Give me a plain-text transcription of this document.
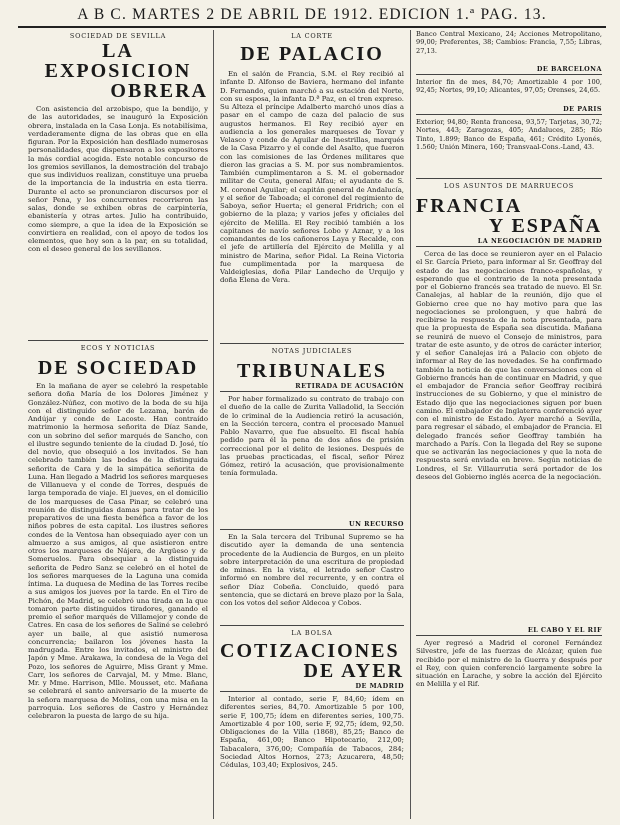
A B C. MARTES 2 DE ABRIL DE 1912. EDICION 1.ª PAG. 13.
SOCIEDAD DE SEVILLA
LA EXPOSICION
OBRERA

Con asistencia del arzobispo, que la bendijo, y de las autoridades, se inauguró la Exposición obrera, instalada en la Casa Lonja. Es notabilísima, verdaderamente digna de las obras que en ella figuran. Por la Exposición han desfilado numerosas personalidades, que dispensaron a los expositores la más cordial acogida. Este notable concurso de los gremios sevillanos, la demostración del trabajo que sus individuos realizan, constituye una prueba de la importancia de la industria en esta tierra. Durante el acto se pronunciaron discursos por el señor Pena, y los concurrentes recorrieron las salas, donde se exhiben obras de carpintería, ebanistería y otras artes. Julio ha contribuido, como siempre, a que la idea de la Exposición se convirtiera en realidad, con el apoyo de todos los elementos, que hoy son a la par, en su totalidad, con el deseo general de los sevillanos.

ECOS Y NOTICIAS
DE SOCIEDAD

En la mañana de ayer se celebró la respetable señora doña María de los Dolores Jiménez y González-Núñez, con motivo de la boda de su hija con el distinguido señor de Lezama, barón de Andújar y conde de Lacoste. Han contraído matrimonio la hermosa señorita de Díaz Sande, con un sobrino del señor marqués de Sancho, con el ilustre segundo teniente de la ciudad D. José, tío del novio, que obsequió a los invitados. Se han celebrado también las bodas de la distinguida señorita de Cara y de la simpática señorita de Luna. Han llegado a Madrid los señores marqueses de Villanueva y el conde de Torres, después de larga temporada de viaje. El jueves, en el domicilio de los marqueses de Casa Pinar, se celebró una reunión de distinguidas damas para tratar de los preparativos de una fiesta benéfica a favor de los niños pobres de esta capital. Los ilustres señores condes de la Ventosa han obsequiado ayer con un almuerzo a sus amigos, al que asistieron entre otros los marqueses de Nájera, de Argüeso y de Someruelos. Para obsequiar a la distinguida señorita de Pedro Sanz se celebró en el hotel de los señores marqueses de la Laguna una comida íntima. La duquesa de Medina de las Torres recibe a sus amigos los jueves por la tarde. En el Tiro de Pichón, de Madrid, se celebró una tirada en la que tomaron parte distinguidos tiradores, ganando el premio el señor marqués de Villamejor y conde de Catres. En casa de los señores de Saliné se celebró ayer un baile, al que asistió numerosa concurrencia; bailaron los jóvenes hasta la madrugada. Entre los invitados, el ministro del Japón y Mme. Arakawa, la condesa de la Vega del Pozo, los señores de Aguirre, Miss Grant y Mme. Carr, los señores de Carvajal, M. y Mme. Blanc, Mr. y Mme. Harrison, Mlle. Mousset, etc. Mañana se celebrará el santo aniversario de la muerte de la señora marquesa de Molins, con una misa en la parroquia. Los señores de Castro y Hernández celebraron la puesta de largo de su hija.

LA CORTE
DE PALACIO

En el salón de Francia, S.M. el Rey recibió al infante D. Alfonso de Baviera, hermano del infante D. Fernando, quien marchó a su estación del Norte, con su esposa, la infanta D.ª Paz, en el tren expreso. Su Alteza el príncipe Adalberto marchó unos días a pasar en el campo de caza del palacio de sus augustos hermanos. El Rey recibió ayer en audiencia a los generales marqueses de Tovar y Velasco y conde de Aguilar de Inestrillas, marqués de la Casa Pizarro y el conde del Asalto, que fueron con las comisiones de las Órdenes militares que dieron las gracias a S. M. por sus nombramientos. También cumplimentaron a S. M. el gobernador militar de Ceuta, general Alfau; el ayudante de S. M. coronel Aguilar; el capitán general de Andalucía, y el señor de Taboada; el coronel del regimiento de Saboya, señor Huerta; el general Fridrich; con el gobierno de la plaza; y varios jefes y oficiales del ejército de Melilla. El Rey recibió también a los capitanes de navío señores Lobo y Aznar, y a los comandantes de los cañoneros Laya y Recalde, con el jefe de artillería del Ejército de Melilla y al ministro de Marina, señor Pidal. La Reina Victoria fue cumplimentada por la marquesa de Valdeiglesias, doña Pilar Landecho de Urquijo y doña Elena de Vera.

NOTAS JUDICIALES
TRIBUNALES
RETIRADA DE ACUSACIÓN

Por haber formalizado su contrato de trabajo con el dueño de la calle de Zurita Valladolid, la Sección de lo criminal de la Audiencia retiró la acusación, en la Sección tercera, contra el procesado Manuel Pablo Navarro, que fue absuelto. El fiscal había pedido para él la pena de dos años de prisión correccional por el delito de lesiones. Después de las pruebas practicadas, el fiscal, señor Pérez Gómez, retiró la acusación, que provisionalmente tenía formulada.

UN RECURSO

En la Sala tercera del Tribunal Supremo se ha discutido ayer la demanda de una sentencia procedente de la Audiencia de Burgos, en un pleito sobre interpretación de una escritura de propiedad de minas. En la vista, el letrado señor Castro informó en nombre del recurrente, y en contra el señor Díaz Cobeña. Concluido, quedó para sentencia, que se dictará en breve plazo por la Sala, con los votos del señor Aldecoa y Cobos.

LA BOLSA
COTIZACIONES
DE AYER
DE MADRID

Interior al contado, serie F, 84,60; ídem en diferentes series, 84,70. Amortizable 5 por 100, serie F, 100,75; ídem en diferentes series, 100,75. Amortizable 4 por 100, serie F, 92,75; ídem, 92,50. Obligaciones de la Villa (1868), 85,25; Banco de España, 461,00; Banco Hipotecario, 212,00; Tabacalera, 376,00; Compañía de Tabacos, 284; Sociedad Altos Hornos, 273; Azucarera, 48,50; Cédulas, 103,40; Explosivos, 245.

Banco Central Mexicano, 24; Acciones Metropolitano, 99,00; Preferentes, 38; Cambios: Francia, 7,55; Libras, 27,13.

DE BARCELONA

Interior fin de mes, 84,70; Amortizable 4 por 100, 92,45; Nortes, 99,10; Alicantes, 97,05; Orenses, 24,65.

DE PARIS

Exterior, 94,80; Renta francesa, 93,57; Tarjetas, 30,72; Nortes, 443; Zaragozas, 405; Andaluces, 285; Río Tinto, 1.899; Banco de España, 461; Crédito Lyonés, 1.560; Unión Minera, 160; Transvaal-Cons.-Land, 43.

LOS ASUNTOS DE MARRUECOS
FRANCIA
Y ESPAÑA
LA NEGOCIACIÓN DE MADRID

Cerca de las doce se reunieron ayer en el Palacio el Sr. García Prieto, para informar al Sr. Geoffray del estado de las negociaciones franco-españolas, y esperando que el contrario de la nota presentada por el Gobierno francés sea tratado de nuevo. El Sr. Canalejas, al hablar de la reunión, dijo que el Gobierno cree que no hay motivo para que las negociaciones se prolonguen, y que habrá de recibirse la respuesta de la nota presentada, para que la propuesta de España sea discutida. Mañana se reunirá de nuevo el Consejo de ministros, para tratar de este asunto, y de otros de carácter interior, y el señor Canalejas irá a Palacio con objeto de informar al Rey de las novedades. Se ha confirmado también la noticia de que las conversaciones con el Gobierno francés han de continuar en Madrid, y que el embajador de Francia señor Geoffray recibirá instrucciones de su Gobierno, y que el ministro de Estado dijo que las negociaciones siguen por buen camino. El embajador de Inglaterra conferenció ayer con el ministro de Estado. Ayer marchó a Sevilla, para regresar el sábado, el embajador de Francia. El delegado francés señor Geoffray también ha marchado a París. Con la llegada del Rey se supone que se activarán las negociaciones y que la nota de respuesta será enviada en breve. Según noticias de Londres, el Sr. Villaurrutia será portador de los deseos del Gobierno inglés acerca de la negociación.

EL CABO Y EL RIF

Ayer regresó a Madrid el coronel Fernández Silvestre, jefe de las fuerzas de Alcázar, quien fue recibido por el ministro de la Guerra y después por el Rey, con quien conferenció largamente sobre la situación en Larache, y sobre la acción del Ejército en Melilla y el Rif.
